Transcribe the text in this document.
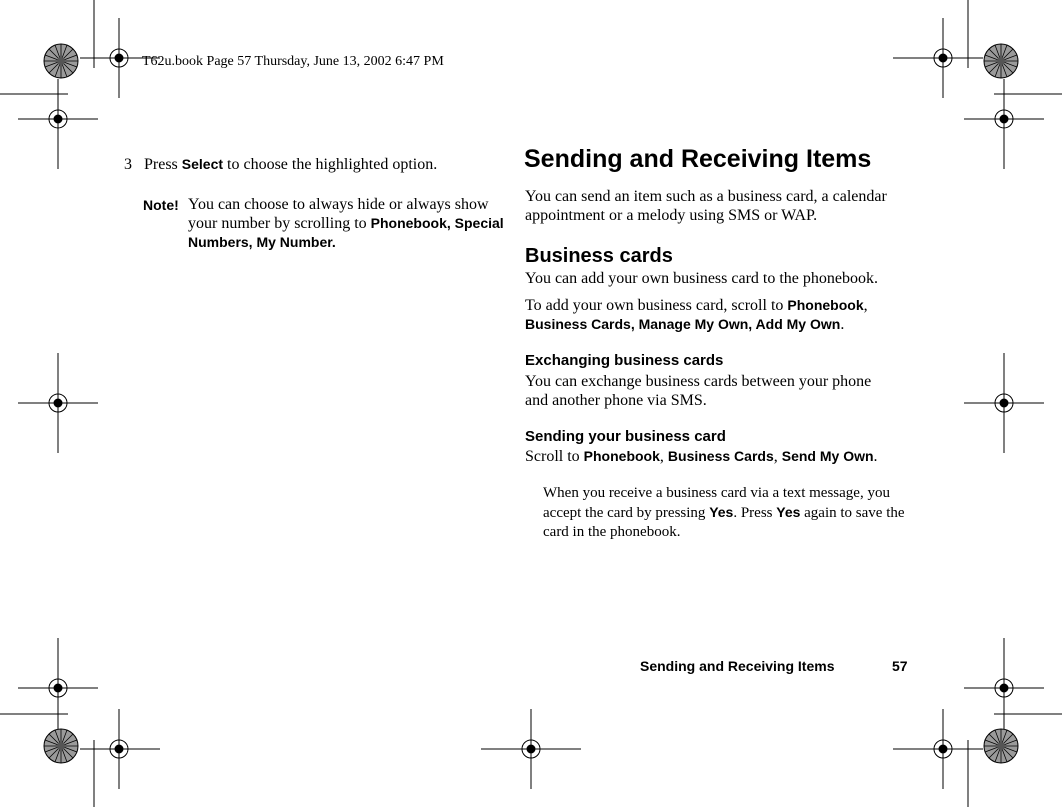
T62u.book Page 57 Thursday, June 13, 2002 6:47 PM
3 Press Select to choose the highlighted option.
Note! You can choose to always hide or always show your number by scrolling to Phonebook, Special Numbers, My Number.
Sending and Receiving Items
You can send an item such as a business card, a calendar appointment or a melody using SMS or WAP.
Business cards
You can add your own business card to the phonebook.
To add your own business card, scroll to Phonebook,
Business Cards, Manage My Own, Add My Own.
Exchanging business cards
You can exchange business cards between your phone and another phone via SMS.
Sending your business card
Scroll to Phonebook, Business Cards, Send My Own.
When you receive a business card via a text message, you accept the card by pressing Yes. Press Yes again to save the card in the phonebook.
Sending and Receiving Items	57
